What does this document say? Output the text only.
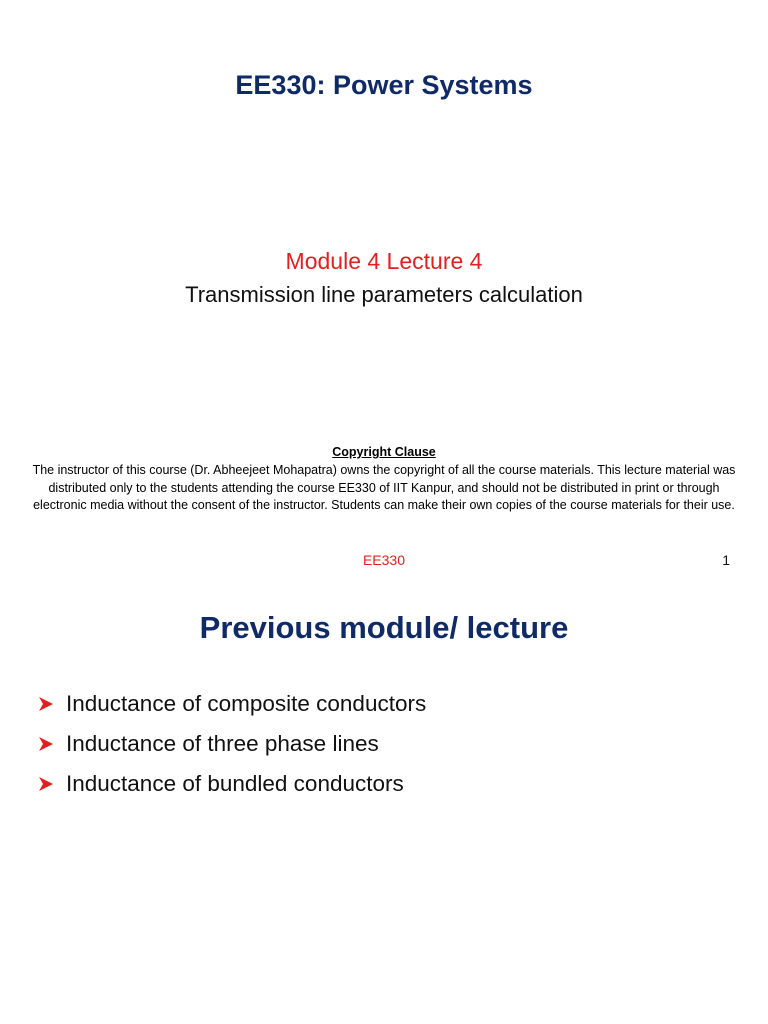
EE330: Power Systems
Module 4 Lecture 4
Transmission line parameters calculation
Copyright Clause
The instructor of this course (Dr. Abheejeet Mohapatra) owns the copyright of all the course materials. This lecture material was distributed only to the students attending the course EE330 of IIT Kanpur, and should not be distributed in print or through electronic media without the consent of the instructor. Students can make their own copies of the course materials for their use.
EE330	1
Previous module/ lecture
Inductance of composite conductors
Inductance of three phase lines
Inductance of bundled conductors
